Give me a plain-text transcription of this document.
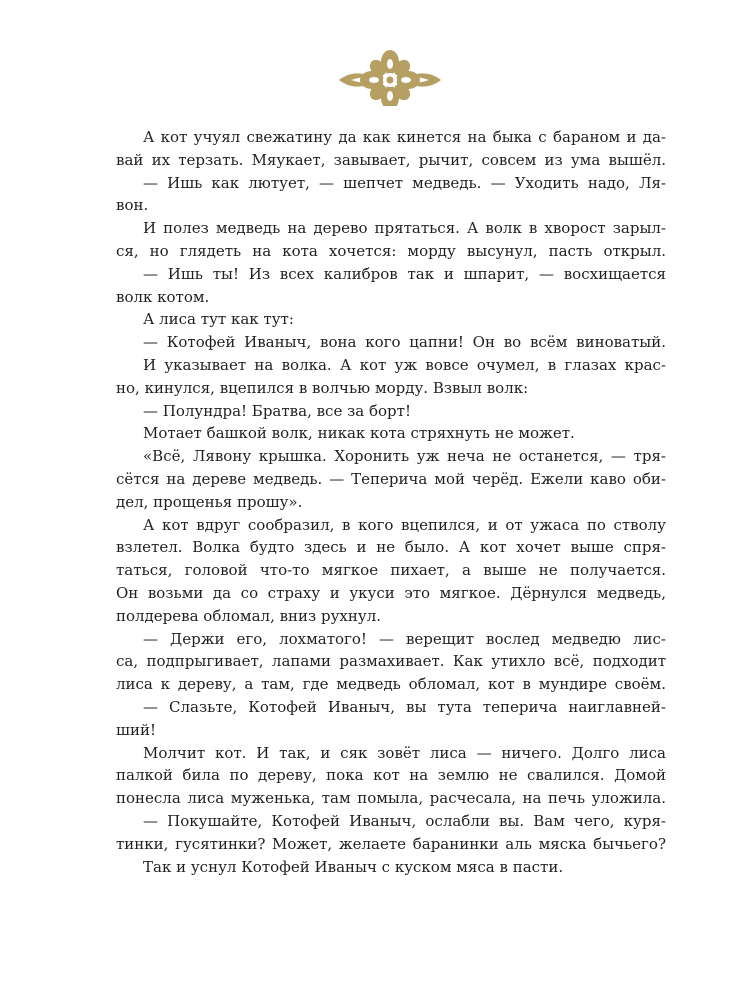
А кот учуял свежатину да как кинется на быка с бараном и да-
вай их терзать. Мяукает, завывает, рычит, совсем из ума вышёл.
— Ишь как лютует, — шепчет медведь. — Уходить надо, Ля-
вон.
И полез медведь на дерево прятаться. А волк в хворост зарыл-
ся, но глядеть на кота хочется: морду высунул, пасть открыл.
— Ишь ты! Из всех калибров так и шпарит, — восхищается
волк котом.
А лиса тут как тут:
— Котофей Иваныч, вона кого цапни! Он во всём виноватый.
И указывает на волка. А кот уж вовсе очумел, в глазах крас-
но, кинулся, вцепился в волчью морду. Взвыл волк:
— Полундра! Братва, все за борт!
Мотает башкой волк, никак кота стряхнуть не может.
«Всё, Лявону крышка. Хоронить уж неча не останется, — тря-
сётся на дереве медведь. — Теперича мой черёд. Ежели каво оби-
дел, прощенья прошу».
А кот вдруг сообразил, в кого вцепился, и от ужаса по стволу
взлетел. Волка будто здесь и не было. А кот хочет выше спря-
таться, головой что-то мягкое пихает, а выше не получается.
Он возьми да со страху и укуси это мягкое. Дёрнулся медведь,
полдерева обломал, вниз рухнул.
— Держи его, лохматого! — верещит вослед медведю лис-
са, подпрыгивает, лапами размахивает. Как утихло всё, подходит
лиса к дереву, а там, где медведь обломал, кот в мундире своём.
— Слазьте, Котофей Иваныч, вы тута теперича наиглавней-
ший!
Молчит кот. И так, и сяк зовёт лиса — ничего. Долго лиса
палкой била по дереву, пока кот на землю не свалился. Домой
понесла лиса муженька, там помыла, расчесала, на печь уложила.
— Покушайте, Котофей Иваныч, ослабли вы. Вам чего, куря-
тинки, гусятинки? Может, желаете баранинки аль мяска бычьего?
Так и уснул Котофей Иваныч с куском мяса в пасти.
